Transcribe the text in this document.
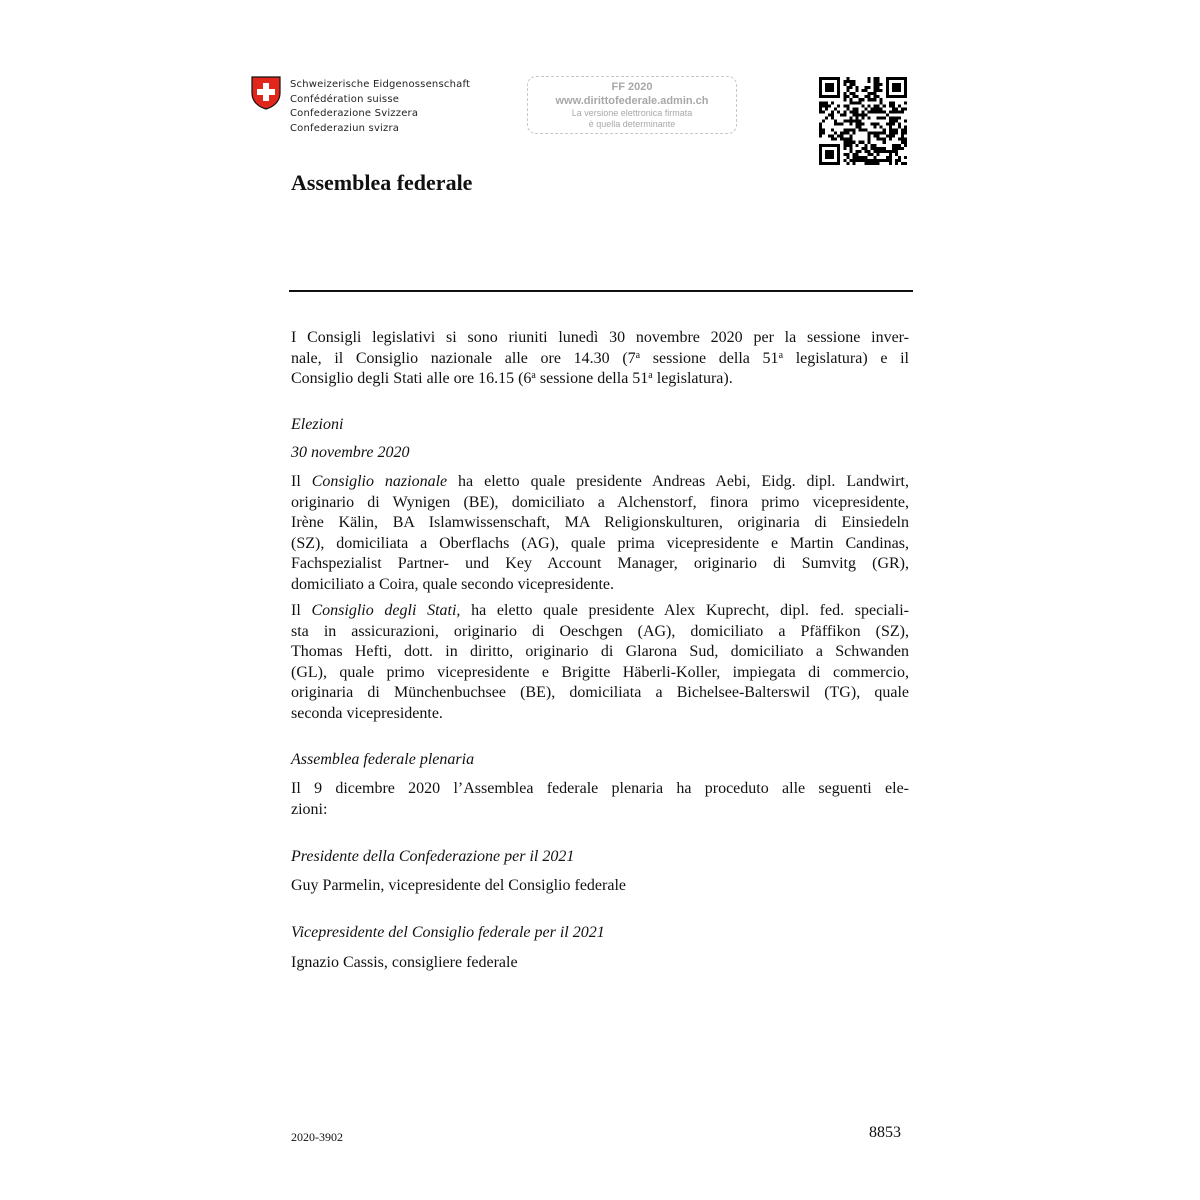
Schweizerische Eidgenossenschaft
Confédération suisse
Confederazione Svizzera
Confederaziun svizra
FF 2020
www.dirittofederale.admin.ch
La versione elettronica firmata
è quella determinante
Assemblea federale
I Consigli legislativi si sono riuniti lunedì 30 novembre 2020 per la sessione inver-
nale, il Consiglio nazionale alle ore 14.30 (7$^a$ sessione della 51$^a$ legislatura) e il
Consiglio degli Stati alle ore 16.15 (6$^a$ sessione della 51$^a$ legislatura).
Elezioni
30 novembre 2020
Il Consiglio nazionale ha eletto quale presidente Andreas Aebi, Eidg. dipl. Landwirt,
originario di Wynigen (BE), domiciliato a Alchenstorf, finora primo vicepresidente,
Irène Kälin, BA Islamwissenschaft, MA Religionskulturen, originaria di Einsiedeln
(SZ), domiciliata a Oberflachs (AG), quale prima vicepresidente e Martin Candinas,
Fachspezialist Partner- und Key Account Manager, originario di Sumvitg (GR),
domiciliato a Coira, quale secondo vicepresidente.
Il Consiglio degli Stati, ha eletto quale presidente Alex Kuprecht, dipl. fed. speciali-
sta in assicurazioni, originario di Oeschgen (AG), domiciliato a Pfäffikon (SZ),
Thomas Hefti, dott. in diritto, originario di Glarona Sud, domiciliato a Schwanden
(GL), quale primo vicepresidente e Brigitte Häberli-Koller, impiegata di commercio,
originaria di Münchenbuchsee (BE), domiciliata a Bichelsee-Balterswil (TG), quale
seconda vicepresidente.
Assemblea federale plenaria
Il 9 dicembre 2020 l’Assemblea federale plenaria ha proceduto alle seguenti ele-
zioni:
Presidente della Confederazione per il 2021
Guy Parmelin, vicepresidente del Consiglio federale
Vicepresidente del Consiglio federale per il 2021
Ignazio Cassis, consigliere federale
2020-3902	8853
